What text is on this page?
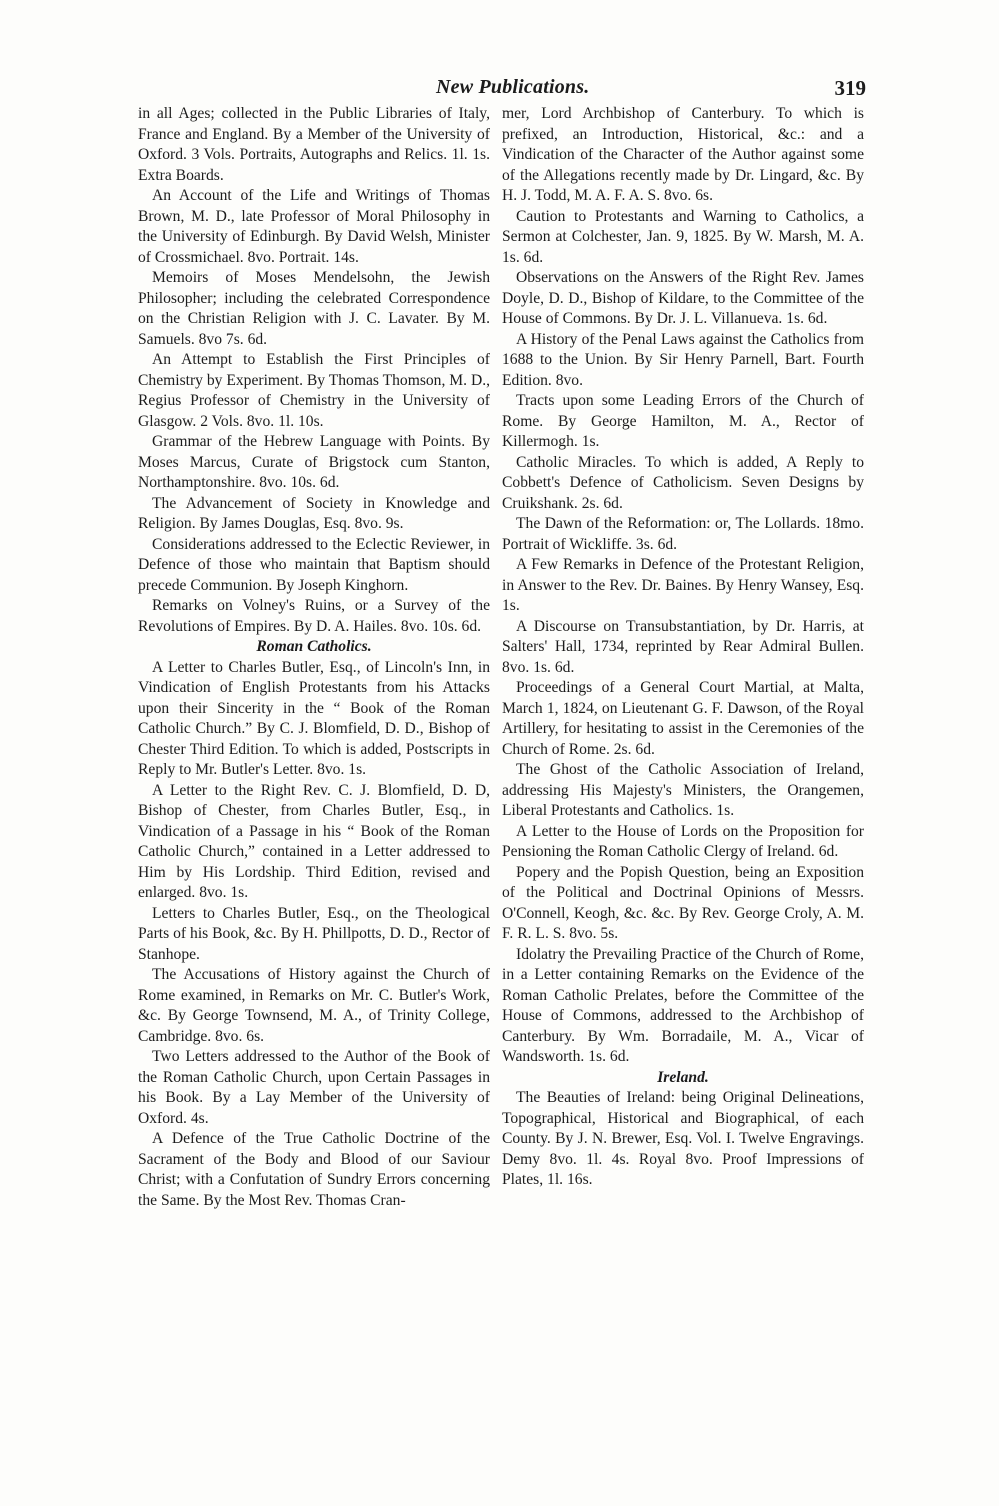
New Publications.	319

in all Ages; collected in the Public Libraries of Italy, France and England. By a Member of the University of Oxford. 3 Vols. Portraits, Autographs and Relics. 1l. 1s. Extra Boards.

An Account of the Life and Writings of Thomas Brown, M. D., late Professor of Moral Philosophy in the University of Edinburgh. By David Welsh, Minister of Crossmichael. 8vo. Portrait. 14s.

Memoirs of Moses Mendelsohn, the Jewish Philosopher; including the celebrated Correspondence on the Christian Religion with J. C. Lavater. By M. Samuels. 8vo 7s. 6d.

An Attempt to Establish the First Principles of Chemistry by Experiment. By Thomas Thomson, M. D., Regius Professor of Chemistry in the University of Glasgow. 2 Vols. 8vo. 1l. 10s.

Grammar of the Hebrew Language with Points. By Moses Marcus, Curate of Brigstock cum Stanton, Northamptonshire. 8vo. 10s. 6d.

The Advancement of Society in Knowledge and Religion. By James Douglas, Esq. 8vo. 9s.

Considerations addressed to the Eclectic Reviewer, in Defence of those who maintain that Baptism should precede Communion. By Joseph Kinghorn.

Remarks on Volney's Ruins, or a Survey of the Revolutions of Empires. By D. A. Hailes. 8vo. 10s. 6d.

Roman Catholics.

A Letter to Charles Butler, Esq., of Lincoln's Inn, in Vindication of English Protestants from his Attacks upon their Sincerity in the “ Book of the Roman Catholic Church.” By C. J. Blomfield, D. D., Bishop of Chester Third Edition. To which is added, Postscripts in Reply to Mr. Butler's Letter. 8vo. 1s.

A Letter to the Right Rev. C. J. Blomfield, D. D, Bishop of Chester, from Charles Butler, Esq., in Vindication of a Passage in his “ Book of the Roman Catholic Church,” contained in a Letter addressed to Him by His Lordship. Third Edition, revised and enlarged. 8vo. 1s.

Letters to Charles Butler, Esq., on the Theological Parts of his Book, &c. By H. Phillpotts, D. D., Rector of Stanhope.

The Accusations of History against the Church of Rome examined, in Remarks on Mr. C. Butler's Work, &c. By George Townsend, M. A., of Trinity College, Cambridge. 8vo. 6s.

Two Letters addressed to the Author of the Book of the Roman Catholic Church, upon Certain Passages in his Book. By a Lay Member of the University of Oxford. 4s.

A Defence of the True Catholic Doctrine of the Sacrament of the Body and Blood of our Saviour Christ; with a Confutation of Sundry Errors concerning the Same. By the Most Rev. Thomas Cran-

mer, Lord Archbishop of Canterbury. To which is prefixed, an Introduction, Historical, &c.: and a Vindication of the Character of the Author against some of the Allegations recently made by Dr. Lingard, &c. By H. J. Todd, M. A. F. A. S. 8vo. 6s.

Caution to Protestants and Warning to Catholics, a Sermon at Colchester, Jan. 9, 1825. By W. Marsh, M. A. 1s. 6d.

Observations on the Answers of the Right Rev. James Doyle, D. D., Bishop of Kildare, to the Committee of the House of Commons. By Dr. J. L. Villanueva. 1s. 6d.

A History of the Penal Laws against the Catholics from 1688 to the Union. By Sir Henry Parnell, Bart. Fourth Edition. 8vo.

Tracts upon some Leading Errors of the Church of Rome. By George Hamilton, M. A., Rector of Killermogh. 1s.

Catholic Miracles. To which is added, A Reply to Cobbett's Defence of Catholicism. Seven Designs by Cruikshank. 2s. 6d.

The Dawn of the Reformation: or, The Lollards. 18mo. Portrait of Wickliffe. 3s. 6d.

A Few Remarks in Defence of the Protestant Religion, in Answer to the Rev. Dr. Baines. By Henry Wansey, Esq. 1s.

A Discourse on Transubstantiation, by Dr. Harris, at Salters' Hall, 1734, reprinted by Rear Admiral Bullen. 8vo. 1s. 6d.

Proceedings of a General Court Martial, at Malta, March 1, 1824, on Lieutenant G. F. Dawson, of the Royal Artillery, for hesitating to assist in the Ceremonies of the Church of Rome. 2s. 6d.

The Ghost of the Catholic Association of Ireland, addressing His Majesty's Ministers, the Orangemen, Liberal Protestants and Catholics. 1s.

A Letter to the House of Lords on the Proposition for Pensioning the Roman Catholic Clergy of Ireland. 6d.

Popery and the Popish Question, being an Exposition of the Political and Doctrinal Opinions of Messrs. O'Connell, Keogh, &c. &c. By Rev. George Croly, A. M. F. R. L. S. 8vo. 5s.

Idolatry the Prevailing Practice of the Church of Rome, in a Letter containing Remarks on the Evidence of the Roman Catholic Prelates, before the Committee of the House of Commons, addressed to the Archbishop of Canterbury. By Wm. Borradaile, M. A., Vicar of Wandsworth. 1s. 6d.

Ireland.

The Beauties of Ireland: being Original Delineations, Topographical, Historical and Biographical, of each County. By J. N. Brewer, Esq. Vol. I. Twelve Engravings. Demy 8vo. 1l. 4s. Royal 8vo. Proof Impressions of Plates, 1l. 16s.
